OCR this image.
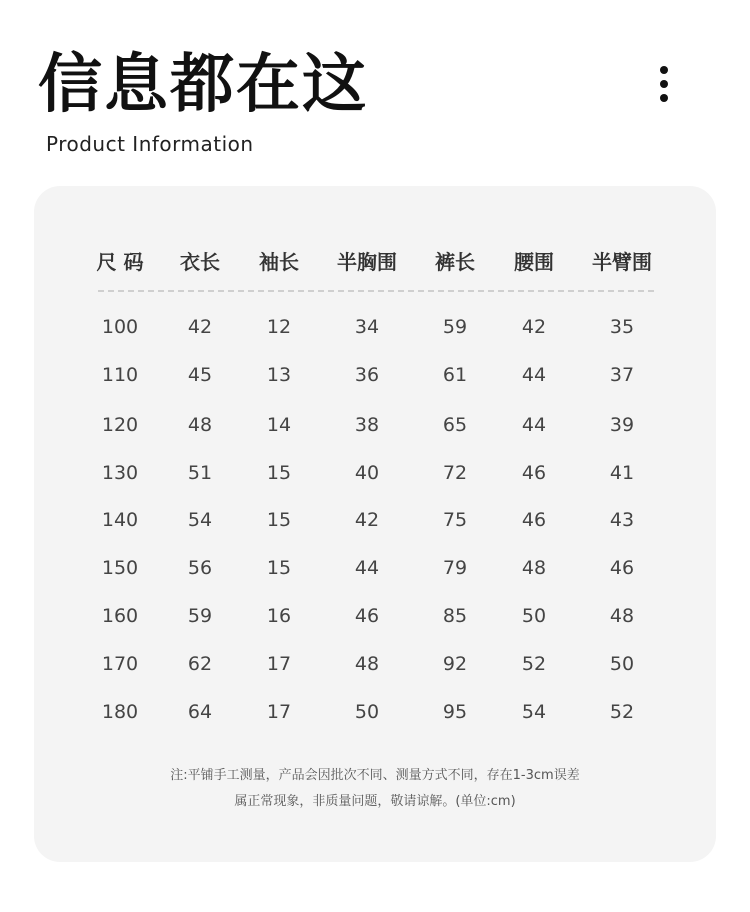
信息都在这
Product Information
尺 码 衣长 袖长 半胸围 裤长 腰围 半臂围
100	42	12	34	59	42	35
110	45	13	36	61	44	37
120	48	14	38	65	44	39
130	51	15	40	72	46	41
140	54	15	42	75	46	43
150	56	15	44	79	48	46
160	59	16	46	85	50	48
170	62	17	48	92	52	50
180	64	17	50	95	54	52
注:平铺手工测量，产品会因批次不同、测量方式不同，存在1-3cm误差
属正常现象，非质量问题，敬请谅解。(单位:cm)
